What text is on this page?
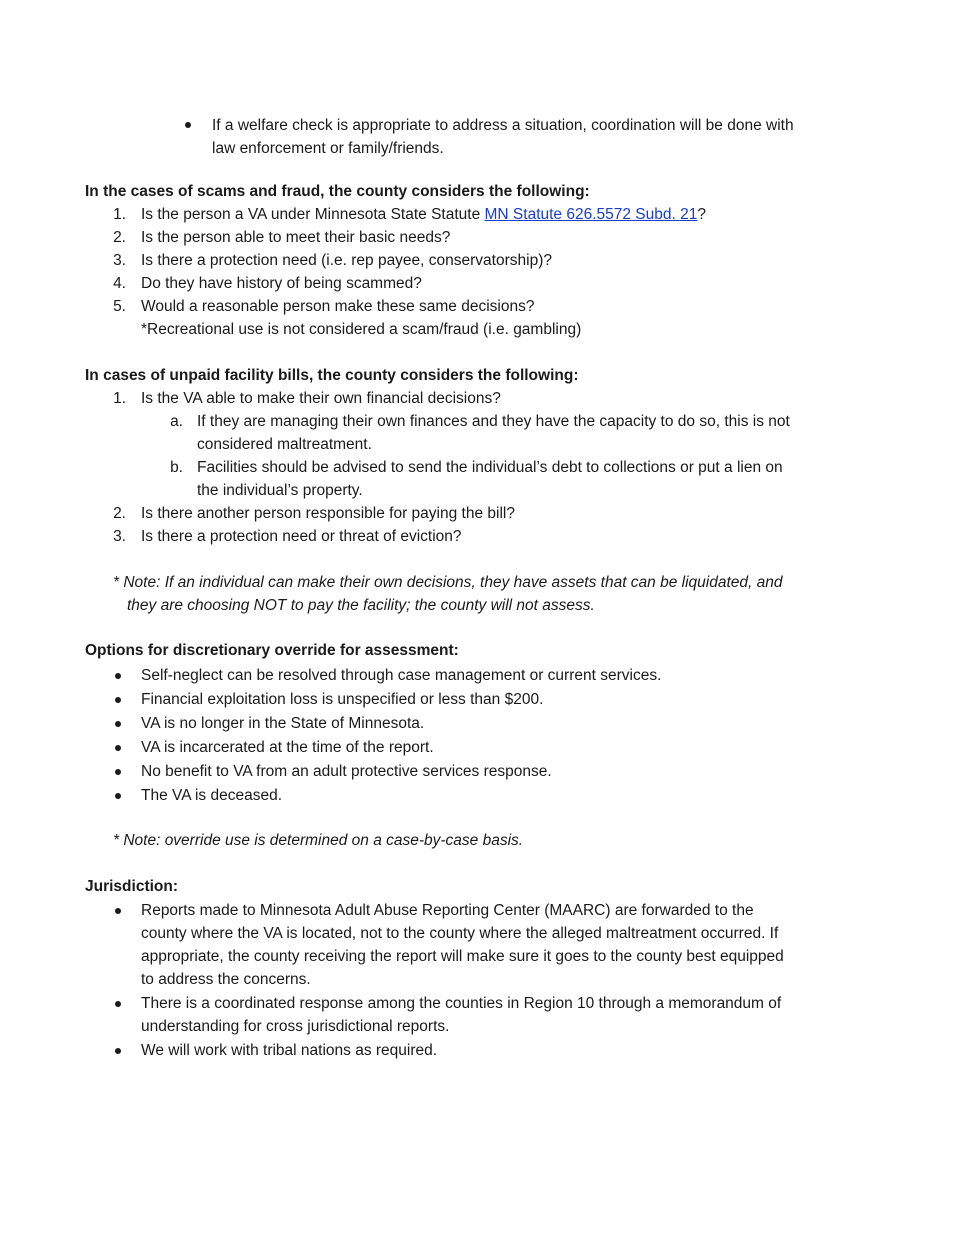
If a welfare check is appropriate to address a situation, coordination will be done with
law enforcement or family/friends.
In the cases of scams and fraud, the county considers the following:
1. Is the person a VA under Minnesota State Statute MN Statute 626.5572 Subd. 21?
2. Is the person able to meet their basic needs?
3. Is there a protection need (i.e. rep payee, conservatorship)?
4. Do they have history of being scammed?
5. Would a reasonable person make these same decisions?
*Recreational use is not considered a scam/fraud (i.e. gambling)
In cases of unpaid facility bills, the county considers the following:
1. Is the VA able to make their own financial decisions?
a. If they are managing their own finances and they have the capacity to do so, this is not
considered maltreatment.
b. Facilities should be advised to send the individual’s debt to collections or put a lien on
the individual’s property.
2. Is there another person responsible for paying the bill?
3. Is there a protection need or threat of eviction?
* Note: If an individual can make their own decisions, they have assets that can be liquidated, and
they are choosing NOT to pay the facility; the county will not assess.
Options for discretionary override for assessment:
Self-neglect can be resolved through case management or current services.
Financial exploitation loss is unspecified or less than $200.
VA is no longer in the State of Minnesota.
VA is incarcerated at the time of the report.
No benefit to VA from an adult protective services response.
The VA is deceased.
* Note: override use is determined on a case-by-case basis.
Jurisdiction:
Reports made to Minnesota Adult Abuse Reporting Center (MAARC) are forwarded to the
county where the VA is located, not to the county where the alleged maltreatment occurred. If
appropriate, the county receiving the report will make sure it goes to the county best equipped
to address the concerns.
There is a coordinated response among the counties in Region 10 through a memorandum of
understanding for cross jurisdictional reports.
We will work with tribal nations as required.
